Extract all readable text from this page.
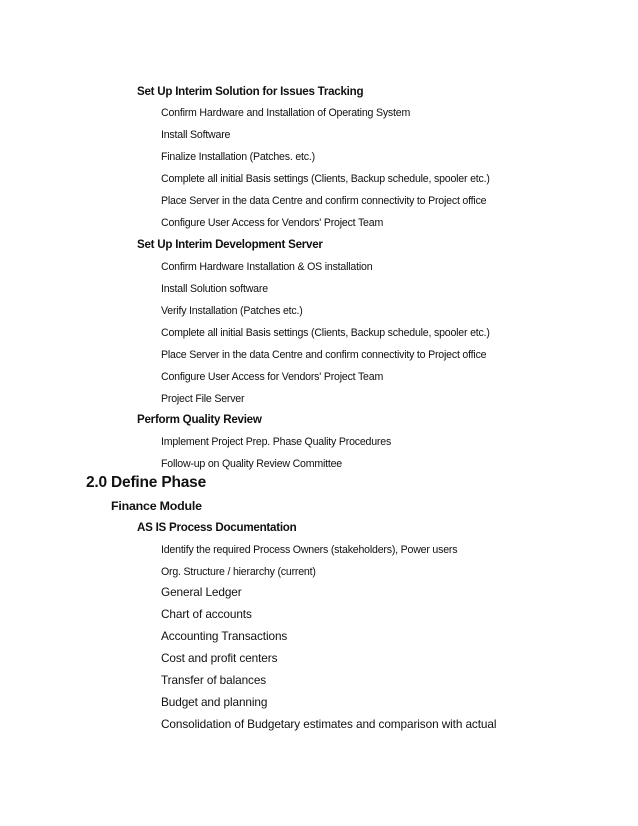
Set Up Interim Solution for Issues Tracking
Confirm Hardware and Installation of Operating System
Install Software
Finalize Installation (Patches. etc.)
Complete all initial Basis settings (Clients, Backup schedule, spooler etc.)
Place Server in the data Centre and confirm connectivity to Project office
Configure User Access for Vendors' Project Team
Set Up Interim Development Server
Confirm Hardware Installation & OS installation
Install Solution software
Verify Installation (Patches etc.)
Complete all initial Basis settings (Clients, Backup schedule, spooler etc.)
Place Server in the data Centre and confirm connectivity to Project office
Configure User Access for Vendors' Project Team
Project File Server
Perform Quality Review
Implement Project Prep. Phase Quality Procedures
Follow-up on Quality Review Committee
2.0 Define Phase
Finance Module
AS IS Process Documentation
Identify the required Process Owners (stakeholders), Power users
Org. Structure / hierarchy (current)
General Ledger
Chart of accounts
Accounting Transactions
Cost and profit centers
Transfer of balances
Budget and planning
Consolidation of Budgetary estimates and comparison with actual
